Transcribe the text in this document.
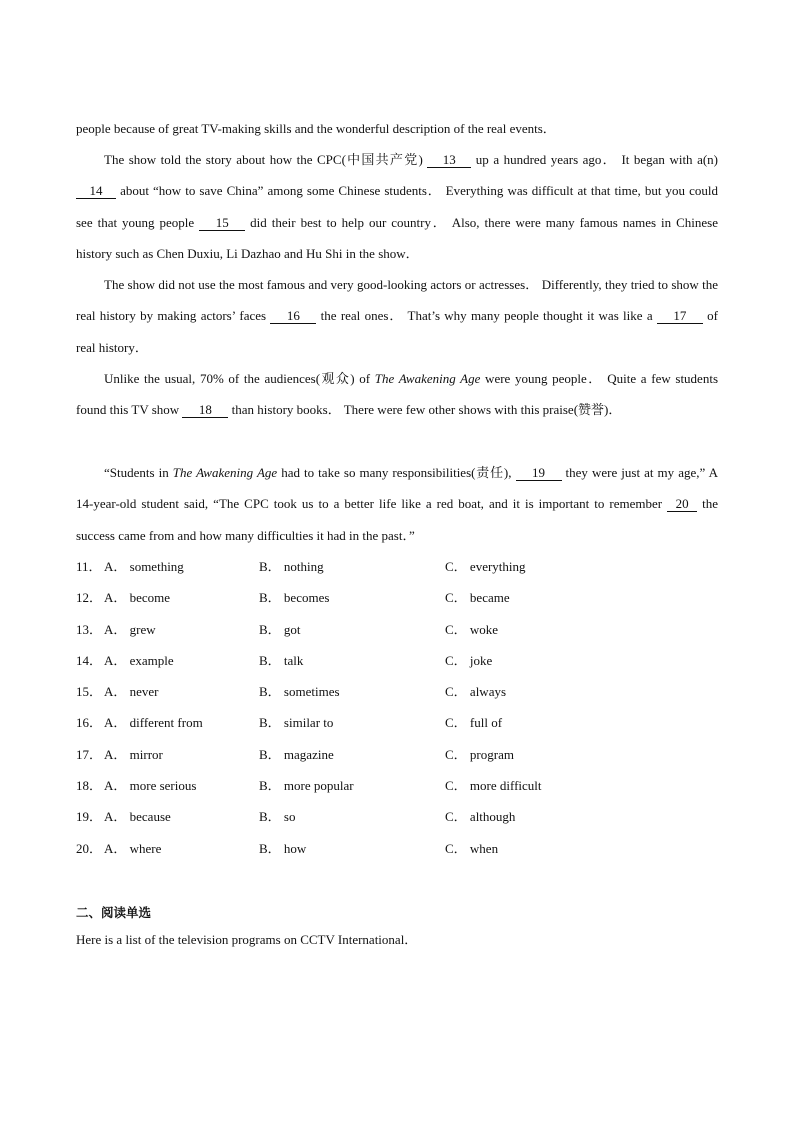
people because of great TV-making skills and the wonderful description of the real events．

The show told the story about how the CPC(中国共产党) 13 up a hundred years ago． It began with a(n) 14 about “how to save China” among some Chinese students． Everything was difficult at that time, but you could see that young people 15 did their best to help our country． Also, there were many famous names in Chinese history such as Chen Duxiu, Li Dazhao and Hu Shi in the show．

The show did not use the most famous and very good-looking actors or actresses． Differently, they tried to show the real history by making actors’ faces 16 the real ones． That’s why many people thought it was like a 17 of real history．

Unlike the usual, 70% of the audiences(观众) of The Awakening Age were young people． Quite a few students found this TV show 18 than history books． There were few other shows with this praise(赞誉)．

“Students in The Awakening Age had to take so many responsibilities(责任), 19 they were just at my age,” A 14-year-old student said, “The CPC took us to a better life like a red boat, and it is important to remember 20 the success came from and how many difficulties it had in the past．”

11． A． something	B． nothing	C． everything
12． A． become	B． becomes	C． became
13． A． grew	B． got	C． woke
14． A． example	B． talk	C． joke
15． A． never	B． sometimes	C． always
16． A． different from	B． similar to	C． full of
17． A． mirror	B． magazine	C． program
18． A． more serious	B． more popular	C． more difficult
19． A． because	B． so	C． although
20． A． where	B． how	C． when

二、阅读单选

Here is a list of the television programs on CCTV International．
